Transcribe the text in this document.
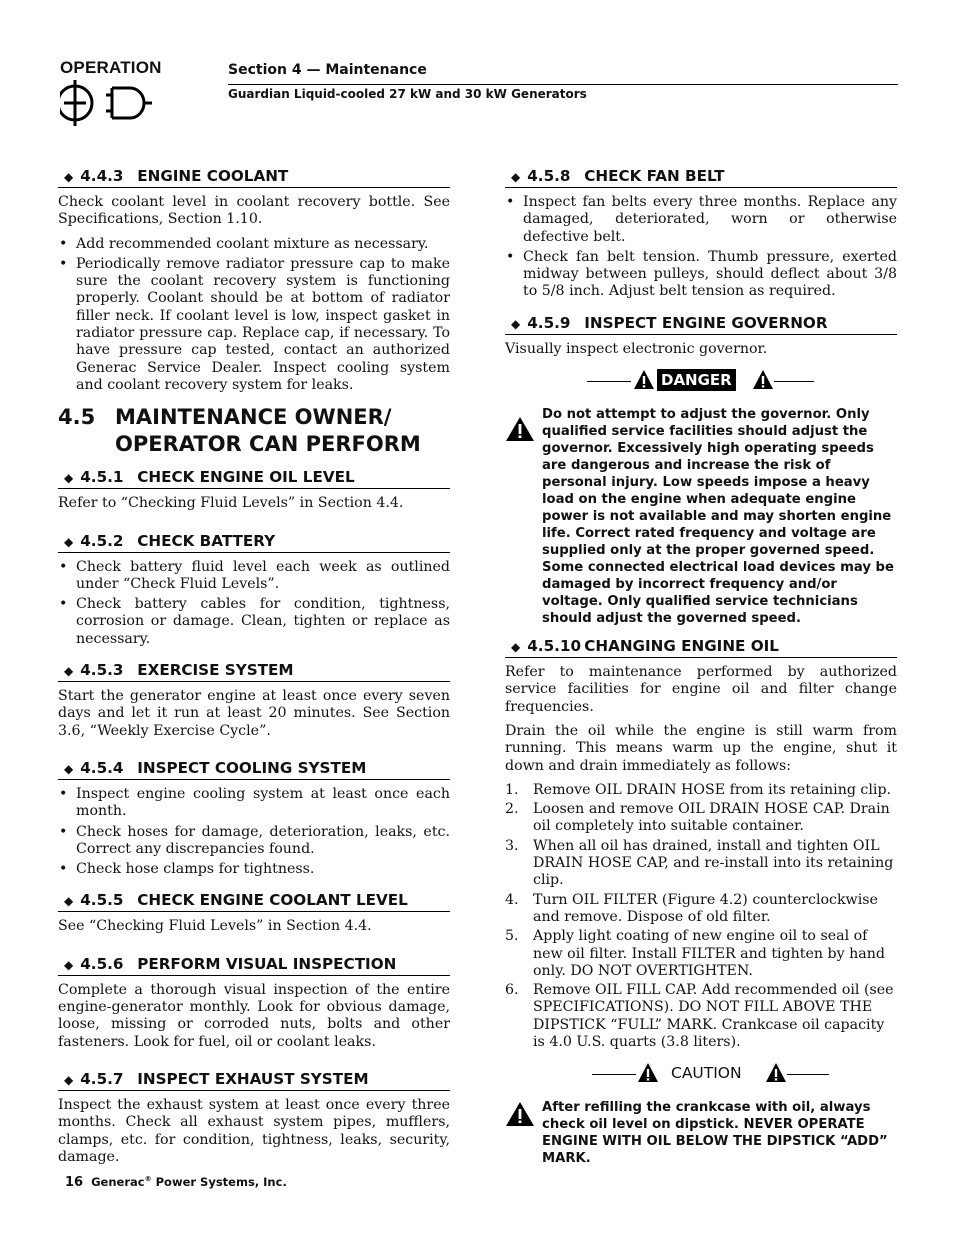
OPERATION	Section 4 — Maintenance
Guardian Liquid-cooled 27 kW and 30 kW Generators
◆ 4.4.3 ENGINE COOLANT

Check coolant level in coolant recovery bottle. See Specifications, Section 1.10.

• Add recommended coolant mixture as necessary.
• Periodically remove radiator pressure cap to make sure the coolant recovery system is functioning properly. Coolant should be at bottom of radiator filler neck. If coolant level is low, inspect gasket in radiator pressure cap. Replace cap, if necessary. To have pressure cap tested, contact an authorized Generac Service Dealer. Inspect cooling system and coolant recovery system for leaks.
4.5 MAINTENANCE OWNER/
OPERATOR CAN PERFORM
◆ 4.5.1 CHECK ENGINE OIL LEVEL

Refer to “Checking Fluid Levels” in Section 4.4.

◆ 4.5.2 CHECK BATTERY
• Check battery fluid level each week as outlined under “Check Fluid Levels”.
• Check battery cables for condition, tightness, corrosion or damage. Clean, tighten or replace as necessary.
◆ 4.5.3 EXERCISE SYSTEM

Start the generator engine at least once every seven days and let it run at least 20 minutes. See Section 3.6, “Weekly Exercise Cycle”.

◆ 4.5.4 INSPECT COOLING SYSTEM
• Inspect engine cooling system at least once each month.
• Check hoses for damage, deterioration, leaks, etc. Correct any discrepancies found.
• Check hose clamps for tightness.
◆ 4.5.5 CHECK ENGINE COOLANT LEVEL

See “Checking Fluid Levels” in Section 4.4.

◆ 4.5.6 PERFORM VISUAL INSPECTION

Complete a thorough visual inspection of the entire engine-generator monthly. Look for obvious damage, loose, missing or corroded nuts, bolts and other fasteners. Look for fuel, oil or coolant leaks.

◆ 4.5.7 INSPECT EXHAUST SYSTEM

Inspect the exhaust system at least once every three months. Check all exhaust system pipes, mufflers, clamps, etc. for condition, tightness, leaks, security, damage.

◆ 4.5.8 CHECK FAN BELT
• Inspect fan belts every three months. Replace any damaged, deteriorated, worn or otherwise defective belt.
• Check fan belt tension. Thumb pressure, exerted midway between pulleys, should deflect about 3/8 to 5/8 inch. Adjust belt tension as required.
◆ 4.5.9 INSPECT ENGINE GOVERNOR

Visually inspect electronic governor.

DANGER
Do not attempt to adjust the governor. Only qualified service facilities should adjust the governor. Excessively high operating speeds are dangerous and increase the risk of personal injury. Low speeds impose a heavy load on the engine when adequate engine power is not available and may shorten engine life. Correct rated frequency and voltage are supplied only at the proper governed speed. Some connected electrical load devices may be damaged by incorrect frequency and/or voltage. Only qualified service technicians should adjust the governed speed.
◆ 4.5.10 CHANGING ENGINE OIL

Refer to maintenance performed by authorized service facilities for engine oil and filter change frequencies.

Drain the oil while the engine is still warm from running. This means warm up the engine, shut it down and drain immediately as follows:

1. Remove OIL DRAIN HOSE from its retaining clip.
2. Loosen and remove OIL DRAIN HOSE CAP. Drain oil completely into suitable container.
3. When all oil has drained, install and tighten OIL DRAIN HOSE CAP, and re-install into its retaining clip.
4. Turn OIL FILTER (Figure 4.2) counterclockwise and remove. Dispose of old filter.
5. Apply light coating of new engine oil to seal of new oil filter. Install FILTER and tighten by hand only. DO NOT OVERTIGHTEN.
6. Remove OIL FILL CAP. Add recommended oil (see SPECIFICATIONS). DO NOT FILL ABOVE THE DIPSTICK “FULL” MARK. Crankcase oil capacity is 4.0 U.S. quarts (3.8 liters).
CAUTION
After refilling the crankcase with oil, always check oil level on dipstick. NEVER OPERATE ENGINE WITH OIL BELOW THE DIPSTICK “ADD” MARK.
16 Generac® Power Systems, Inc.
